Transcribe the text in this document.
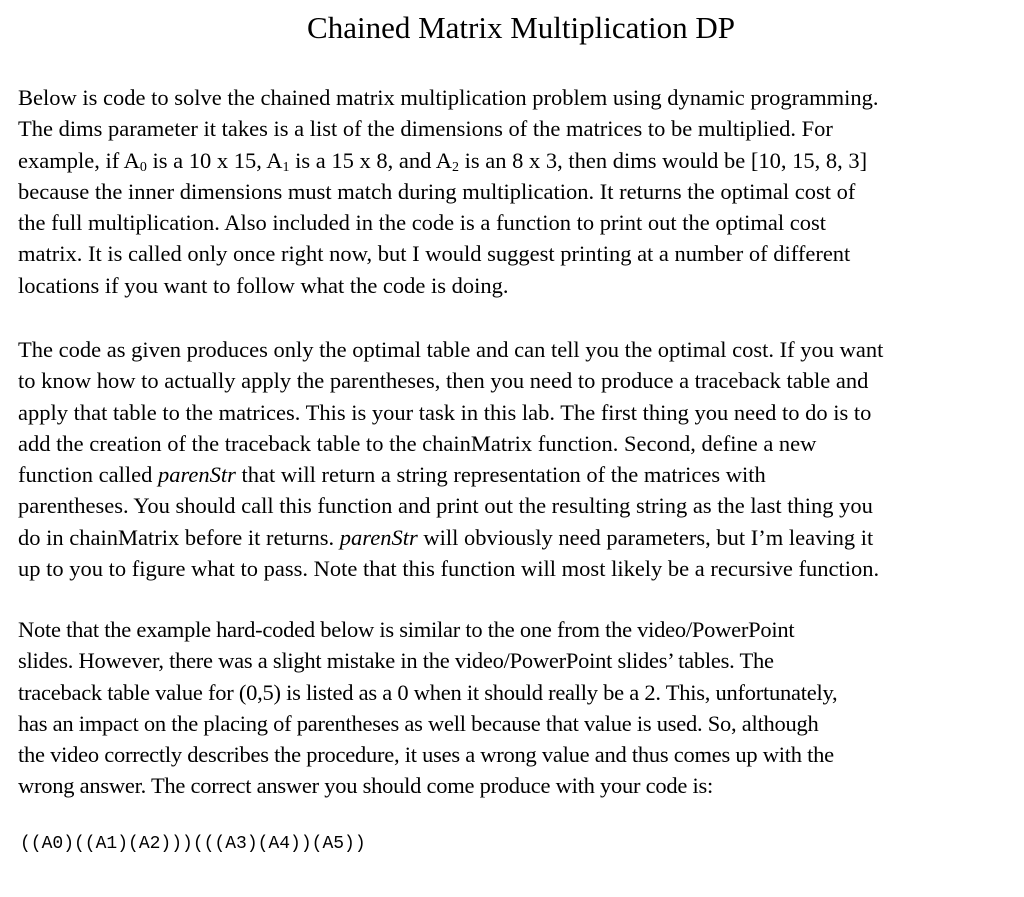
Chained Matrix Multiplication DP

Below is code to solve the chained matrix multiplication problem using dynamic programming.
The dims parameter it takes is a list of the dimensions of the matrices to be multiplied. For
example, if $A_0$ is a 10 x 15, $A_1$ is a 15 x 8, and $A_2$ is an 8 x 3, then dims would be [10, 15, 8, 3]
because the inner dimensions must match during multiplication. It returns the optimal cost of
the full multiplication. Also included in the code is a function to print out the optimal cost
matrix. It is called only once right now, but I would suggest printing at a number of different
locations if you want to follow what the code is doing.

The code as given produces only the optimal table and can tell you the optimal cost. If you want
to know how to actually apply the parentheses, then you need to produce a traceback table and
apply that table to the matrices. This is your task in this lab. The first thing you need to do is to
add the creation of the traceback table to the chainMatrix function. Second, define a new
function called parenStr that will return a string representation of the matrices with
parentheses. You should call this function and print out the resulting string as the last thing you
do in chainMatrix before it returns. parenStr will obviously need parameters, but I’m leaving it
up to you to figure what to pass. Note that this function will most likely be a recursive function.

Note that the example hard-coded below is similar to the one from the video/PowerPoint
slides. However, there was a slight mistake in the video/PowerPoint slides’ tables. The
traceback table value for (0,5) is listed as a 0 when it should really be a 2. This, unfortunately,
has an impact on the placing of parentheses as well because that value is used. So, although
the video correctly describes the procedure, it uses a wrong value and thus comes up with the
wrong answer. The correct answer you should come produce with your code is:

((A0)((A1)(A2)))(((A3)(A4))(A5))
